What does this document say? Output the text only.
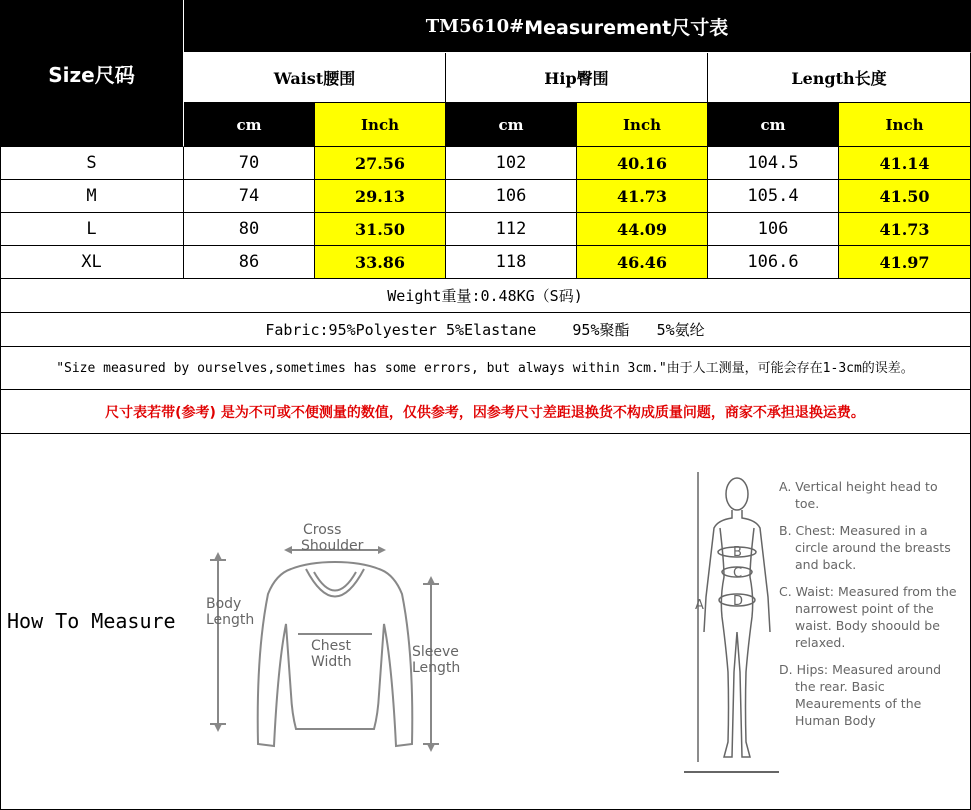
Size尺码
TM5610# Measurement尺寸表
Waist腰围	Hip臀围	Length长度
cm	Inch	cm	Inch	cm	Inch
S	70	27.56	102	40.16	104.5	41.14
M	74	29.13	106	41.73	105.4	41.50
L	80	31.50	112	44.09	106	41.73
XL	86	33.86	118	46.46	106.6	41.97
Weight重量:0.48KG（S码)
Fabric:95%Polyester 5%Elastane    95%聚酯   5%氨纶
"Size measured by ourselves,sometimes has some errors, but always within 3cm."由于人工测量，可能会存在1-3cm的误差。
尺寸表若带(参考) 是为不可或不便测量的数值，仅供参考，因参考尺寸差距退换货不构成质量问题，商家不承担退换运费。
How To Measure
Cross
Shoulder
Body
Length
Chest
Width
Sleeve
Length
A
B
C
D
A. Vertical height head to toe.
B. Chest: Measured in a circle around the breasts and back.
C. Waist: Measured from the narrowest point of the waist. Body shoould be relaxed.
D. Hips: Measured around the rear. Basic Meaurements of the Human Body
